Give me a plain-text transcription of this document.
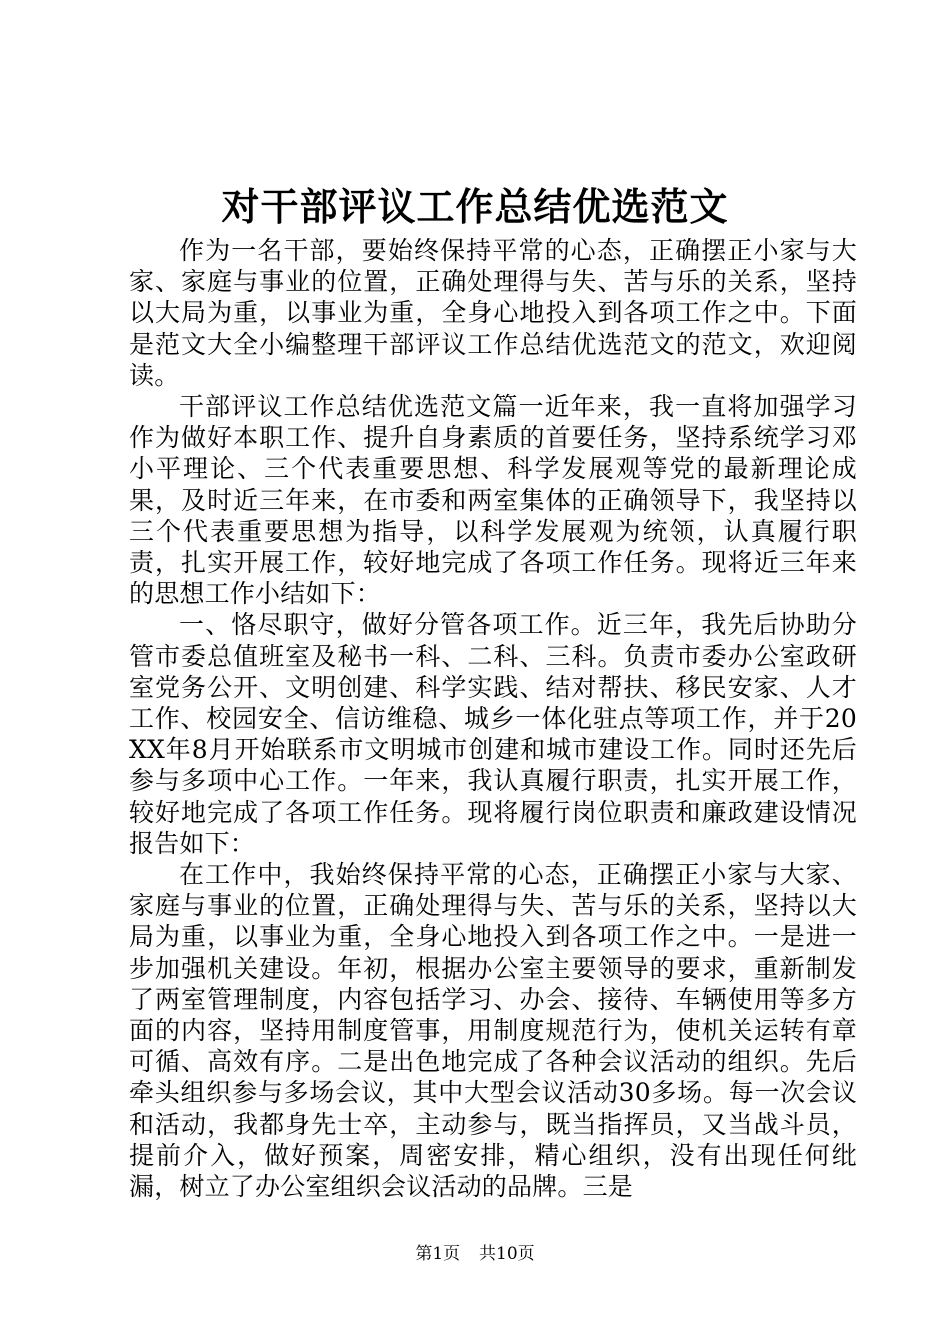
对干部评议工作总结优选范文

作为一名干部，要始终保持平常的心态，正确摆正小家与大家、家庭与事业的位置，正确处理得与失、苦与乐的关系，坚持以大局为重，以事业为重，全身心地投入到各项工作之中。下面是范文大全小编整理干部评议工作总结优选范文的范文，欢迎阅读。

干部评议工作总结优选范文篇一近年来，我一直将加强学习作为做好本职工作、提升自身素质的首要任务，坚持系统学习邓小平理论、三个代表重要思想、科学发展观等党的最新理论成果，及时近三年来，在市委和两室集体的正确领导下，我坚持以三个代表重要思想为指导，以科学发展观为统领，认真履行职责，扎实开展工作，较好地完成了各项工作任务。现将近三年来的思想工作小结如下：

一、恪尽职守，做好分管各项工作。近三年，我先后协助分管市委总值班室及秘书一科、二科、三科。负责市委办公室政研室党务公开、文明创建、科学实践、结对帮扶、移民安家、人才工作、校园安全、信访维稳、城乡一体化驻点等项工作，并于20XX年8月开始联系市文明城市创建和城市建设工作。同时还先后参与多项中心工作。一年来，我认真履行职责，扎实开展工作，较好地完成了各项工作任务。现将履行岗位职责和廉政建设情况报告如下：

在工作中，我始终保持平常的心态，正确摆正小家与大家、家庭与事业的位置，正确处理得与失、苦与乐的关系，坚持以大局为重，以事业为重，全身心地投入到各项工作之中。一是进一步加强机关建设。年初，根据办公室主要领导的要求，重新制发了两室管理制度，内容包括学习、办会、接待、车辆使用等多方面的内容，坚持用制度管事，用制度规范行为，使机关运转有章可循、高效有序。二是出色地完成了各种会议活动的组织。先后牵头组织参与多场会议，其中大型会议活动30多场。每一次会议和活动，我都身先士卒，主动参与，既当指挥员，又当战斗员，提前介入，做好预案，周密安排，精心组织，没有出现任何纰漏，树立了办公室组织会议活动的品牌。三是

第1页 共10页
